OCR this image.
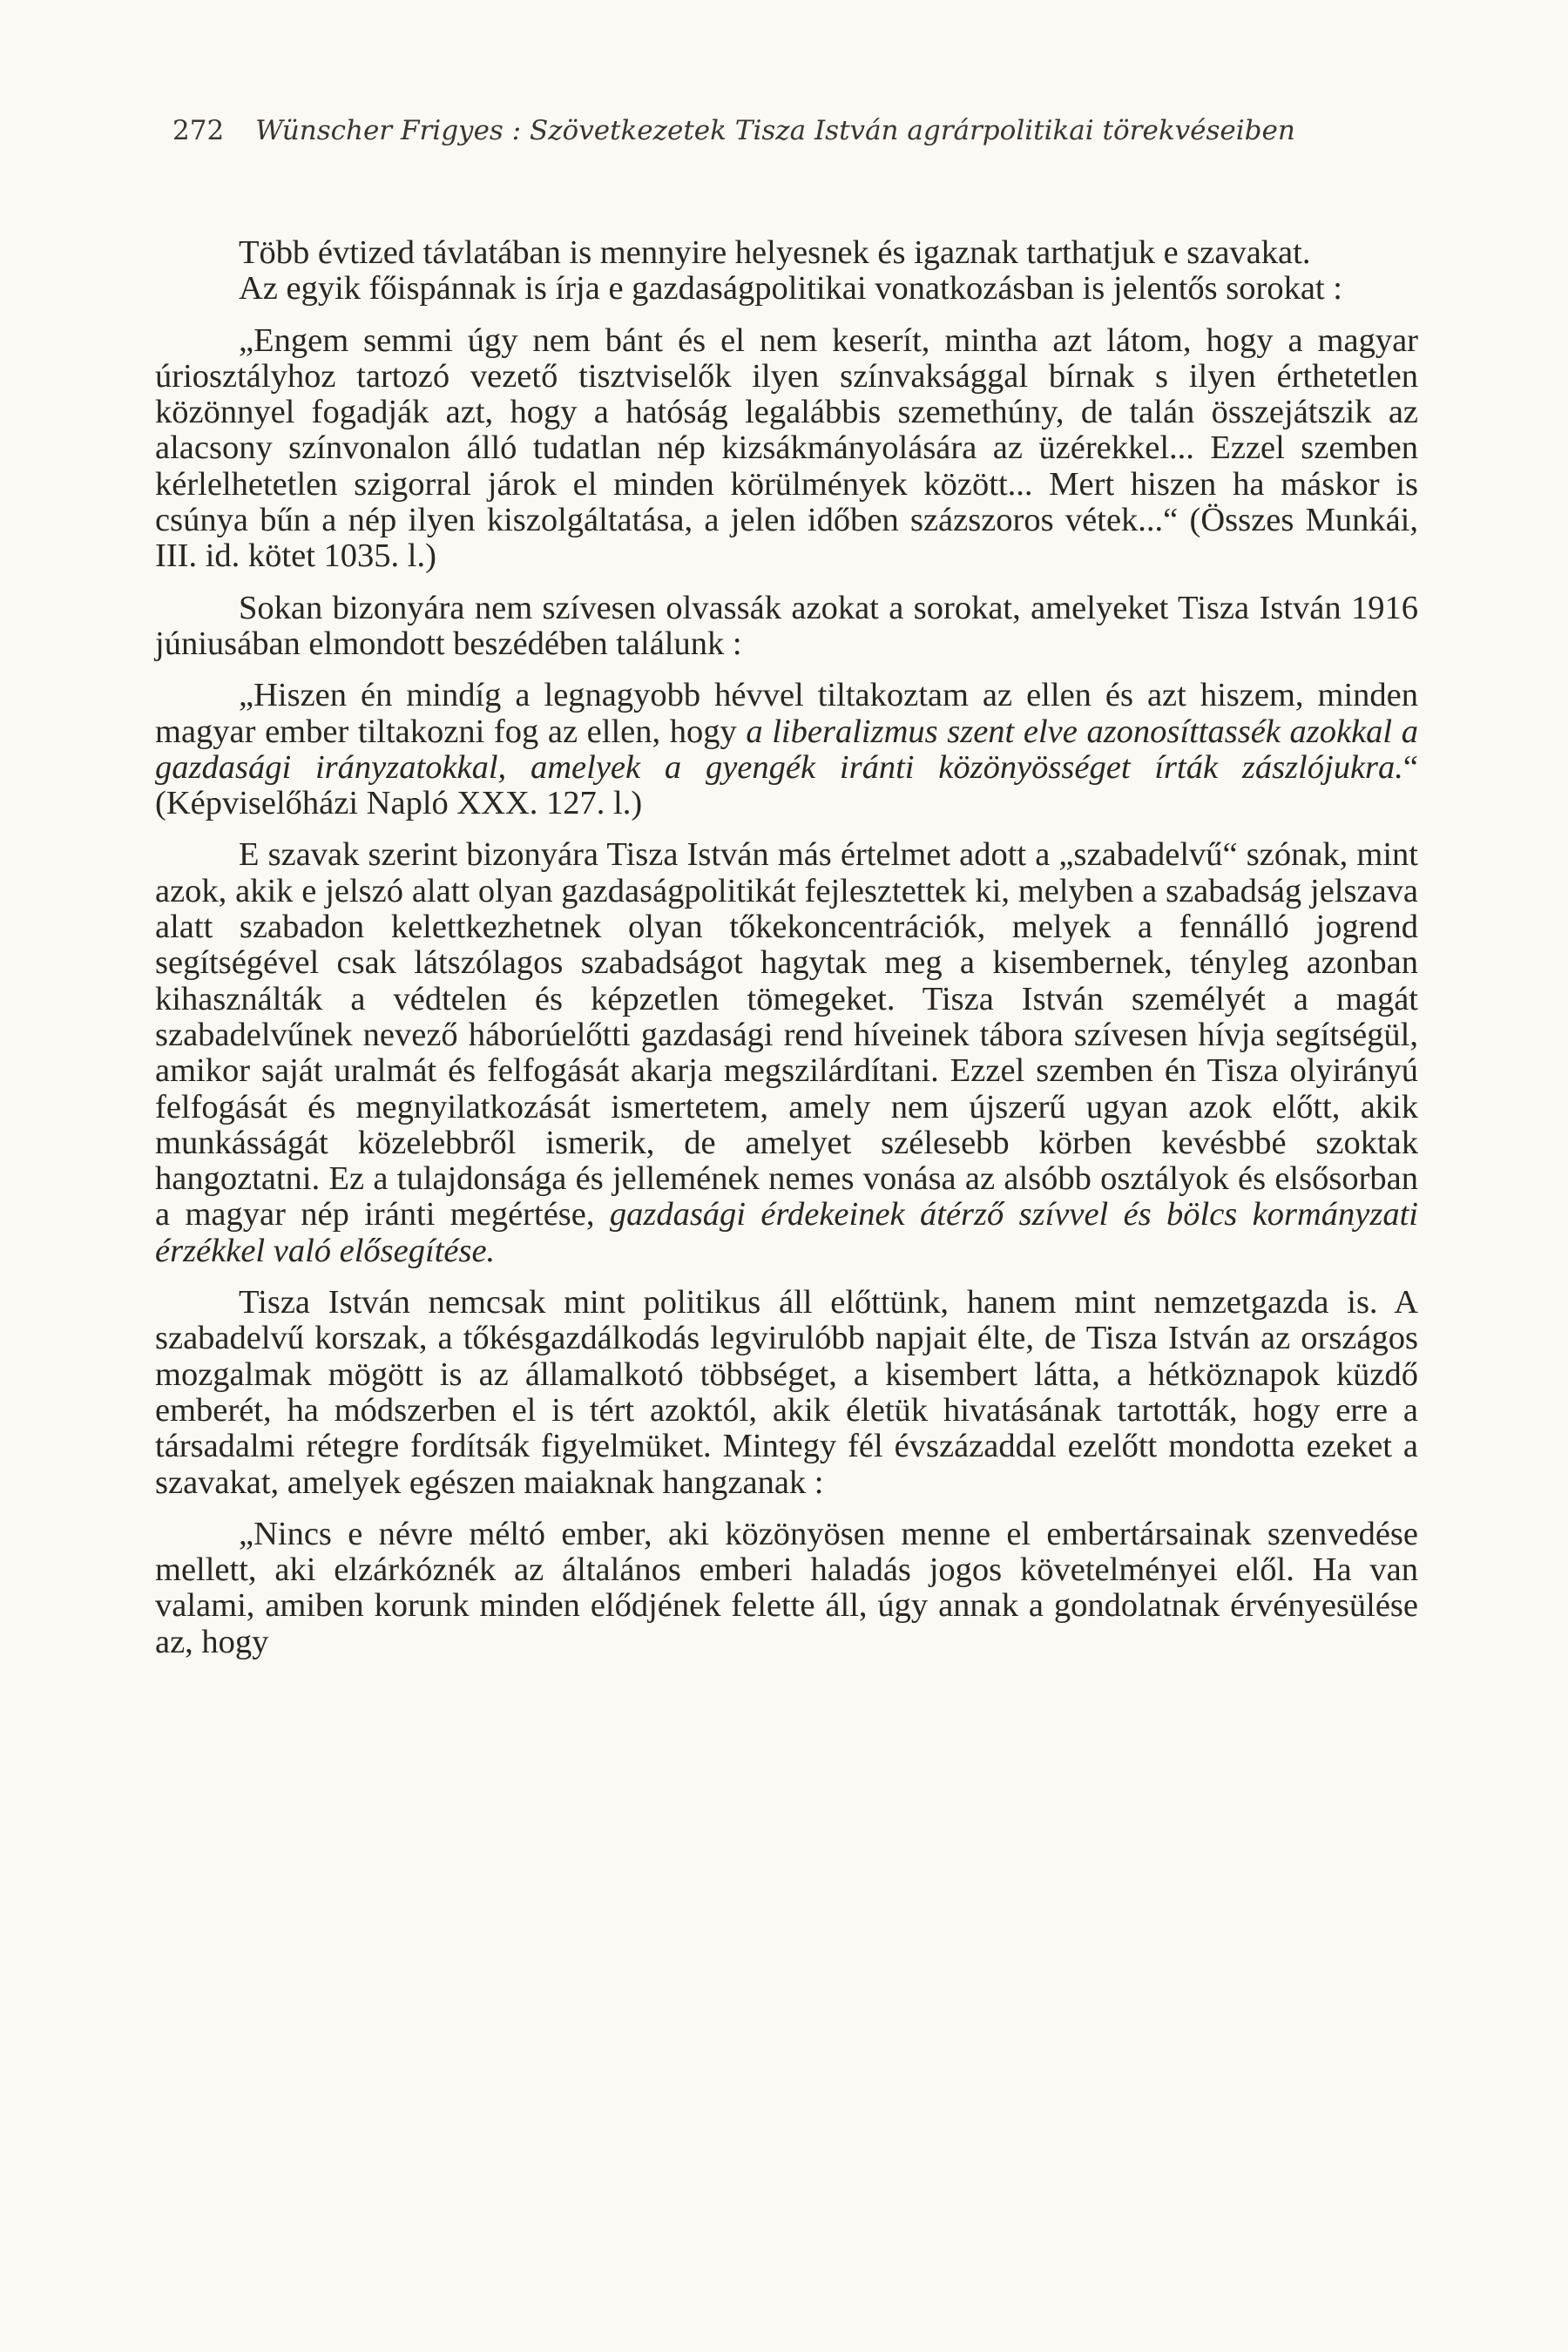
272 Wünscher Frigyes : Szövetkezetek Tisza István agrárpolitikai törekvéseiben

Több évtized távlatában is mennyire helyesnek és igaznak tarthatjuk e szavakat.

Az egyik főispánnak is írja e gazdaságpolitikai vonatkozásban is jelentős sorokat :

„Engem semmi úgy nem bánt és el nem keserít, mintha azt látom, hogy a magyar úriosztályhoz tartozó vezető tisztviselők ilyen színvaksággal bírnak s ilyen érthetetlen közönnyel fogadják azt, hogy a hatóság legalábbis szemethúny, de talán összejátszik az alacsony színvonalon álló tudatlan nép kizsákmányolására az üzérekkel... Ezzel szemben kérlelhetetlen szigorral járok el minden körülmények között... Mert hiszen ha máskor is csúnya bűn a nép ilyen kiszolgáltatása, a jelen időben százszoros vétek...“ (Összes Munkái, III. id. kötet 1035. l.)

Sokan bizonyára nem szívesen olvassák azokat a sorokat, amelyeket Tisza István 1916 júniusában elmondott beszédében találunk :

„Hiszen én mindíg a legnagyobb hévvel tiltakoztam az ellen és azt hiszem, minden magyar ember tiltakozni fog az ellen, hogy a liberalizmus szent elve azonosíttassék azokkal a gazdasági irányzatokkal, amelyek a gyengék iránti közönyösséget írták zászlójukra.“ (Képviselőházi Napló XXX. 127. l.)

E szavak szerint bizonyára Tisza István más értelmet adott a „szabadelvű“ szónak, mint azok, akik e jelszó alatt olyan gazdaságpolitikát fejlesztettek ki, melyben a szabadság jelszava alatt szabadon kelettkezhetnek olyan tőkekoncentrációk, melyek a fennálló jogrend segítségével csak látszólagos szabadságot hagytak meg a kisembernek, tényleg azonban kihasználták a védtelen és képzetlen tömegeket. Tisza István személyét a magát szabadelvűnek nevező háborúelőtti gazdasági rend híveinek tábora szívesen hívja segítségül, amikor saját uralmát és felfogását akarja megszilárdítani. Ezzel szemben én Tisza olyirányú felfogását és megnyilatkozását ismertetem, amely nem újszerű ugyan azok előtt, akik munkásságát közelebbről ismerik, de amelyet szélesebb körben kevésbbé szoktak hangoztatni. Ez a tulajdonsága és jellemének nemes vonása az alsóbb osztályok és elsősorban a magyar nép iránti megértése, gazdasági érdekeinek átérző szívvel és bölcs kormányzati érzékkel való elősegítése.

Tisza István nemcsak mint politikus áll előttünk, hanem mint nemzetgazda is. A szabadelvű korszak, a tőkésgazdálkodás legvirulóbb napjait élte, de Tisza István az országos mozgalmak mögött is az államalkotó többséget, a kisembert látta, a hétköznapok küzdő emberét, ha módszerben el is tért azoktól, akik életük hivatásának tartották, hogy erre a társadalmi rétegre fordítsák figyelmüket. Mintegy fél évszázaddal ezelőtt mondotta ezeket a szavakat, amelyek egészen maiaknak hangzanak :

„Nincs e névre méltó ember, aki közönyösen menne el embertársainak szenvedése mellett, aki elzárkóznék az általános emberi haladás jogos követelményei elől. Ha van valami, amiben korunk minden elődjének felette áll, úgy annak a gondolatnak érvényesülése az, hogy
